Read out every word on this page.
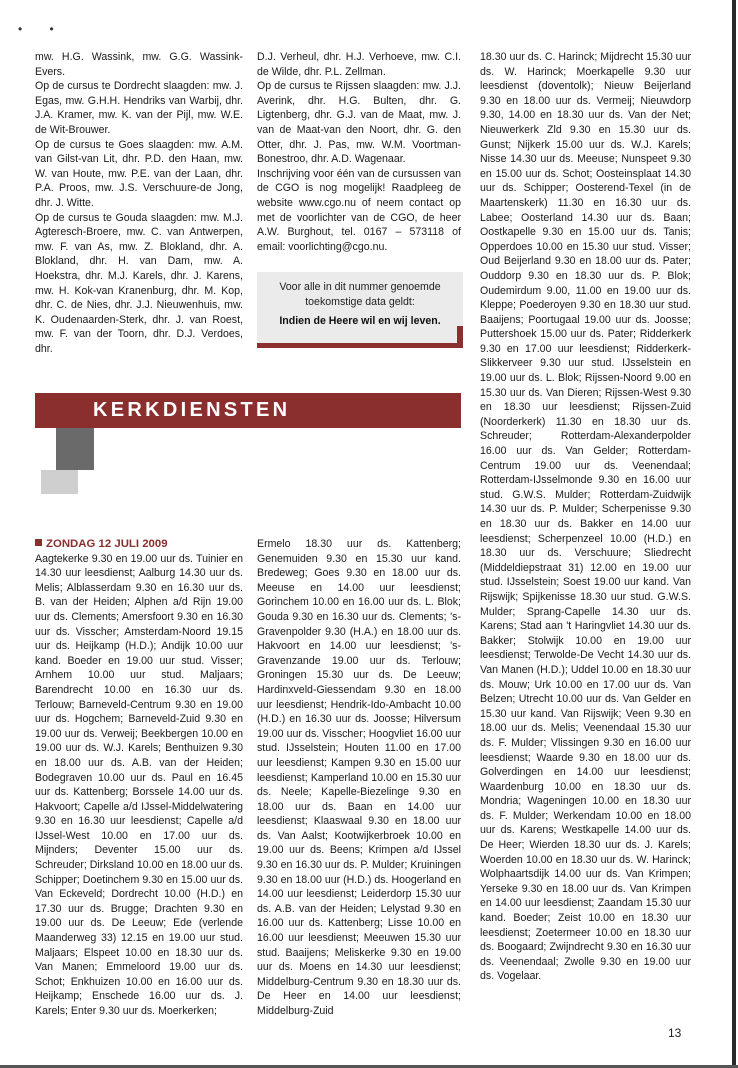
• •

mw. H.G. Wassink, mw. G.G. Wassink-Evers.

Op de cursus te Dordrecht slaagden: mw. J. Egas, mw. G.H.H. Hendriks van Warbij, dhr. J.A. Kramer, mw. K. van der Pijl, mw. W.E. de Wit-Brouwer.

Op de cursus te Goes slaagden: mw. A.M. van Gilst-van Lit, dhr. P.D. den Haan, mw. W. van Houte, mw. P.E. van der Laan, dhr. P.A. Proos, mw. J.S. Verschuure-de Jong, dhr. J. Witte.

Op de cursus te Gouda slaagden: mw. M.J. Agteresch-Broere, mw. C. van Antwerpen, mw. F. van As, mw. Z. Blokland, dhr. A. Blokland, dhr. H. van Dam, mw. A. Hoekstra, dhr. M.J. Karels, dhr. J. Karens, mw. H. Kok-van Kranenburg, dhr. M. Kop, dhr. C. de Nies, dhr. J.J. Nieuwenhuis, mw. K. Oudenaarden-Sterk, dhr. J. van Roest, mw. F. van der Toorn, dhr. D.J. Verdoes, dhr.

D.J. Verheul, dhr. H.J. Verhoeve, mw. C.I. de Wilde, dhr. P.L. Zellman.

Op de cursus te Rijssen slaagden: mw. J.J. Averink, dhr. H.G. Bulten, dhr. G. Ligtenberg, dhr. G.J. van de Maat, mw. J. van de Maat-van den Noort, dhr. G. den Otter, dhr. J. Pas, mw. W.M. Voortman-Bonestroo, dhr. A.D. Wagenaar.

Inschrijving voor één van de cursussen van de CGO is nog mogelijk! Raadpleeg de website www.cgo.nu of neem contact op met de voorlichter van de CGO, de heer A.W. Burghout, tel. 0167 – 573118 of email: voorlichting@cgo.nu.

Voor alle in dit nummer genoemde
toekomstige data geldt:
Indien de Heere wil en wij leven.
KERKDIENSTEN
ZONDAG 12 JULI 2009

Aagtekerke 9.30 en 19.00 uur ds. Tuinier en 14.30 uur leesdienst; Aalburg 14.30 uur ds. Melis; Alblasserdam 9.30 en 16.30 uur ds. B. van der Heiden; Alphen a/d Rijn 19.00 uur ds. Clements; Amersfoort 9.30 en 16.30 uur ds. Visscher; Amsterdam-Noord 19.15 uur ds. Heijkamp (H.D.); Andijk 10.00 uur kand. Boeder en 19.00 uur stud. Visser; Arnhem 10.00 uur stud. Maljaars; Barendrecht 10.00 en 16.30 uur ds. Terlouw; Barneveld-Centrum 9.30 en 19.00 uur ds. Hogchem; Barneveld-Zuid 9.30 en 19.00 uur ds. Verweij; Beekbergen 10.00 en 19.00 uur ds. W.J. Karels; Benthuizen 9.30 en 18.00 uur ds. A.B. van der Heiden; Bodegraven 10.00 uur ds. Paul en 16.45 uur ds. Kattenberg; Borssele 14.00 uur ds. Hakvoort; Capelle a/d IJssel-Middelwatering 9.30 en 16.30 uur leesdienst; Capelle a/d IJssel-West 10.00 en 17.00 uur ds. Mijnders; Deventer 15.00 uur ds. Schreuder; Dirksland 10.00 en 18.00 uur ds. Schipper; Doetinchem 9.30 en 15.00 uur ds. Van Eckeveld; Dordrecht 10.00 (H.D.) en 17.30 uur ds. Brugge; Drachten 9.30 en 19.00 uur ds. De Leeuw; Ede (verlende Maanderweg 33) 12.15 en 19.00 uur stud. Maljaars; Elspeet 10.00 en 18.30 uur ds. Van Manen; Emmeloord 19.00 uur ds. Schot; Enkhuizen 10.00 en 16.00 uur ds. Heijkamp; Enschede 16.00 uur ds. J. Karels; Enter 9.30 uur ds. Moerkerken;

Ermelo 18.30 uur ds. Kattenberg; Genemuiden 9.30 en 15.30 uur kand. Bredeweg; Goes 9.30 en 18.00 uur ds. Meeuse en 14.00 uur leesdienst; Gorinchem 10.00 en 16.00 uur ds. L. Blok; Gouda 9.30 en 16.30 uur ds. Clements; 's-Gravenpolder 9.30 (H.A.) en 18.00 uur ds. Hakvoort en 14.00 uur leesdienst; 's-Gravenzande 19.00 uur ds. Terlouw; Groningen 15.30 uur ds. De Leeuw; Hardinxveld-Giessendam 9.30 en 18.00 uur leesdienst; Hendrik-Ido-Ambacht 10.00 (H.D.) en 16.30 uur ds. Joosse; Hilversum 19.00 uur ds. Visscher; Hoogvliet 16.00 uur stud. IJsselstein; Houten 11.00 en 17.00 uur leesdienst; Kampen 9.30 en 15.00 uur leesdienst; Kamperland 10.00 en 15.30 uur ds. Neele; Kapelle-Biezelinge 9.30 en 18.00 uur ds. Baan en 14.00 uur leesdienst; Klaaswaal 9.30 en 18.00 uur ds. Van Aalst; Kootwijkerbroek 10.00 en 19.00 uur ds. Beens; Krimpen a/d IJssel 9.30 en 16.30 uur ds. P. Mulder; Kruiningen 9.30 en 18.00 uur (H.D.) ds. Hoogerland en 14.00 uur leesdienst; Leiderdorp 15.30 uur ds. A.B. van der Heiden; Lelystad 9.30 en 16.00 uur ds. Kattenberg; Lisse 10.00 en 16.00 uur leesdienst; Meeuwen 15.30 uur stud. Baaijens; Meliskerke 9.30 en 19.00 uur ds. Moens en 14.30 uur leesdienst; Middelburg-Centrum 9.30 en 18.30 uur ds. De Heer en 14.00 uur leesdienst; Middelburg-Zuid

18.30 uur ds. C. Harinck; Mijdrecht 15.30 uur ds. W. Harinck; Moerkapelle 9.30 uur leesdienst (doventolk); Nieuw Beijerland 9.30 en 18.00 uur ds. Vermeij; Nieuwdorp 9.30, 14.00 en 18.30 uur ds. Van der Net; Nieuwerkerk Zld 9.30 en 15.30 uur ds. Gunst; Nijkerk 15.00 uur ds. W.J. Karels; Nisse 14.30 uur ds. Meeuse; Nunspeet 9.30 en 15.00 uur ds. Schot; Oosteinsplaat 14.30 uur ds. Schipper; Oosterend-Texel (in de Maartenskerk) 11.30 en 16.30 uur ds. Labee; Oosterland 14.30 uur ds. Baan; Oostkapelle 9.30 en 15.00 uur ds. Tanis; Opperdoes 10.00 en 15.30 uur stud. Visser; Oud Beijerland 9.30 en 18.00 uur ds. Pater; Ouddorp 9.30 en 18.30 uur ds. P. Blok; Oudemirdum 9.00, 11.00 en 19.00 uur ds. Kleppe; Poederoyen 9.30 en 18.30 uur stud. Baaijens; Poortugaal 19.00 uur ds. Joosse; Puttershoek 15.00 uur ds. Pater; Ridderkerk 9.30 en 17.00 uur leesdienst; Ridderkerk-Slikkerveer 9.30 uur stud. IJsselstein en 19.00 uur ds. L. Blok; Rijssen-Noord 9.00 en 15.30 uur ds. Van Dieren; Rijssen-West 9.30 en 18.30 uur leesdienst; Rijssen-Zuid (Noorderkerk) 11.30 en 18.30 uur ds. Schreuder; Rotterdam-Alexanderpolder 16.00 uur ds. Van Gelder; Rotterdam-Centrum 19.00 uur ds. Veenendaal; Rotterdam-IJsselmonde 9.30 en 16.00 uur stud. G.W.S. Mulder; Rotterdam-Zuidwijk 14.30 uur ds. P. Mulder; Scherpenisse 9.30 en 18.30 uur ds. Bakker en 14.00 uur leesdienst; Scherpenzeel 10.00 (H.D.) en 18.30 uur ds. Verschuure; Sliedrecht (Middeldiepstraat 31) 12.00 en 19.00 uur stud. IJsselstein; Soest 19.00 uur kand. Van Rijswijk; Spijkenisse 18.30 uur stud. G.W.S. Mulder; Sprang-Capelle 14.30 uur ds. Karens; Stad aan 't Haringvliet 14.30 uur ds. Bakker; Stolwijk 10.00 en 19.00 uur leesdienst; Terwolde-De Vecht 14.30 uur ds. Van Manen (H.D.); Uddel 10.00 en 18.30 uur ds. Mouw; Urk 10.00 en 17.00 uur ds. Van Belzen; Utrecht 10.00 uur ds. Van Gelder en 15.30 uur kand. Van Rijswijk; Veen 9.30 en 18.00 uur ds. Melis; Veenendaal 15.30 uur ds. F. Mulder; Vlissingen 9.30 en 16.00 uur leesdienst; Waarde 9.30 en 18.00 uur ds. Golverdingen en 14.00 uur leesdienst; Waardenburg 10.00 en 18.30 uur ds. Mondria; Wageningen 10.00 en 18.30 uur ds. F. Mulder; Werkendam 10.00 en 18.00 uur ds. Karens; Westkapelle 14.00 uur ds. De Heer; Wierden 18.30 uur ds. J. Karels; Woerden 10.00 en 18.30 uur ds. W. Harinck; Wolphaartsdijk 14.00 uur ds. Van Krimpen; Yerseke 9.30 en 18.00 uur ds. Van Krimpen en 14.00 uur leesdienst; Zaandam 15.30 uur kand. Boeder; Zeist 10.00 en 18.30 uur leesdienst; Zoetermeer 10.00 en 18.30 uur ds. Boogaard; Zwijndrecht 9.30 en 16.30 uur ds. Veenendaal; Zwolle 9.30 en 19.00 uur ds. Vogelaar.

13
